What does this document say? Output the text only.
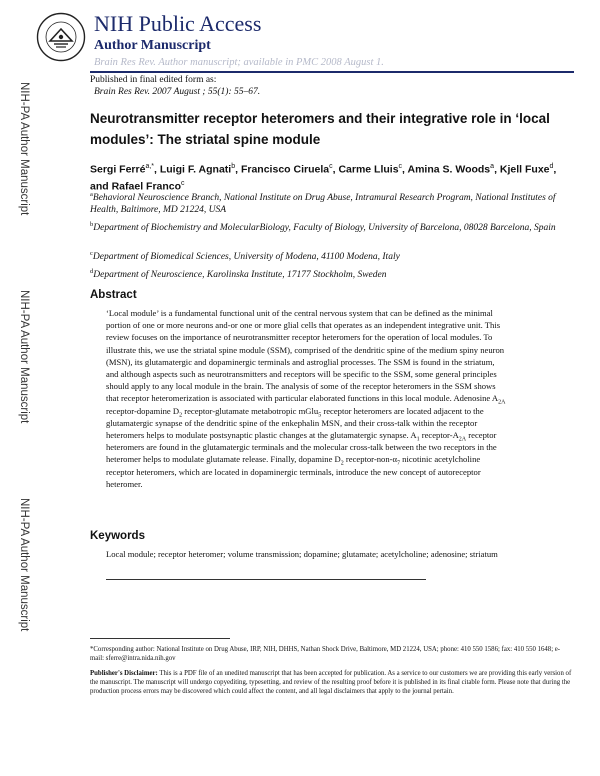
NIH-PA Author Manuscript
NIH-PA Author Manuscript
NIH-PA Author Manuscript
NIH Public Access
Author Manuscript
Brain Res Rev. Author manuscript; available in PMC 2008 August 1.
Published in final edited form as:
Brain Res Rev. 2007 August ; 55(1): 55–67.
Neurotransmitter receptor heteromers and their integrative role in ‘local modules’: The striatal spine module
Sergi Ferré$^{a,*}$, Luigi F. Agnati$^b$, Francisco Ciruela$^c$, Carme Lluis$^c$, Amina S. Woods$^a$, Kjell Fuxe$^d$, and Rafael Franco$^c$
$^a$Behavioral Neuroscience Branch, National Institute on Drug Abuse, Intramural Research Program, National Institutes of Health, Baltimore, MD 21224, USA
$^b$Department of Biochemistry and MolecularBiology, Faculty of Biology, University of Barcelona, 08028 Barcelona, Spain
$^c$Department of Biomedical Sciences, University of Modena, 41100 Modena, Italy
$^d$Department of Neuroscience, Karolinska Institute, 17177 Stockholm, Sweden
Abstract

‘Local module’ is a fundamental functional unit of the central nervous system that can be defined as the minimal portion of one or more neurons and-or one or more glial cells that operates as an independent integrative unit. This review focuses on the importance of neurotransmitter receptor heteromers for the operation of local modules. To illustrate this, we use the striatal spine module (SSM), comprised of the dendritic spine of the medium spiny neuron (MSN), its glutamatergic and dopaminergic terminals and astroglial processes. The SSM is found in the striatum, and although aspects such as neurotransmitters and receptors will be specific to the SSM, some general principles should apply to any local module in the brain. The analysis of some of the receptor heteromers in the SSM shows that receptor heteromerization is associated with particular elaborated functions in this local module. Adenosine $A_{2A}$ receptor-dopamine $D_2$ receptor-glutamate metabotropic mGlu$_5$ receptor heteromers are located adjacent to the glutamatergic synapse of the dendritic spine of the enkephalin MSN, and their cross-talk within the receptor heteromers helps to modulate postsynaptic plastic changes at the glutamatergic synapse. $A_1$ receptor-$A_{2A}$ receptor heteromers are found in the glutamatergic terminals and the molecular cross-talk between the two receptors in the heteromer helps to modulate glutamate release. Finally, dopamine $D_2$ receptor-$non-\alpha_7$ nicotinic acetylcholine receptor heteromers, which are located in dopaminergic terminals, introduce the new concept of autoreceptor heteromer.

Keywords
Local module; receptor heteromer; volume transmission; dopamine; glutamate; acetylcholine; adenosine; striatum
*Corresponding author: National Institute on Drug Abuse, IRP, NIH, DHHS, Nathan Shock Drive, Baltimore, MD 21224, USA; phone: 410 550 1586; fax: 410 550 1648; e-mail: sferre@intra.nida.nih.gov
Publisher's Disclaimer: This is a PDF file of an unedited manuscript that has been accepted for publication. As a service to our customers we are providing this early version of the manuscript. The manuscript will undergo copyediting, typesetting, and review of the resulting proof before it is published in its final citable form. Please note that during the production process errors may be discovered which could affect the content, and all legal disclaimers that apply to the journal pertain.
